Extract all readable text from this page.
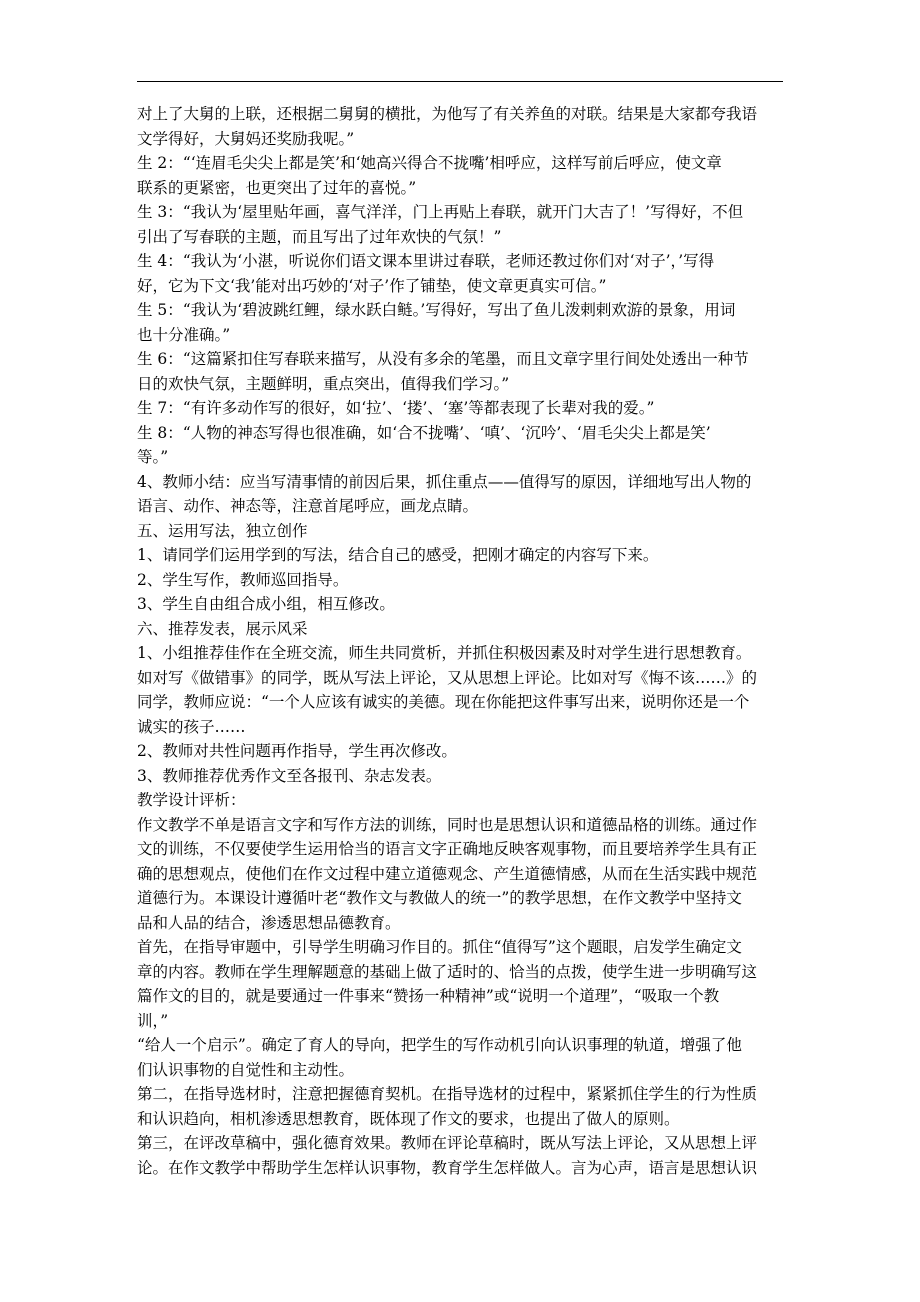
对上了大舅的上联，还根据二舅舅的横批，为他写了有关养鱼的对联。结果是大家都夸我语
文学得好，大舅妈还奖励我呢。”
生 2：“‘连眉毛尖尖上都是笑’和‘她高兴得合不拢嘴’相呼应，这样写前后呼应，使文章
联系的更紧密，也更突出了过年的喜悦。”
生 3：“我认为‘屋里贴年画，喜气洋洋，门上再贴上春联，就开门大吉了！’写得好，不但
引出了写春联的主题，而且写出了过年欢快的气氛！”
生 4：“我认为‘小湛，听说你们语文课本里讲过春联，老师还教过你们对‘对子’，’写得
好，它为下文‘我’能对出巧妙的‘对子’作了铺垫，使文章更真实可信。”
生 5：“我认为‘碧波跳红鲤，绿水跃白鲢。’写得好，写出了鱼儿泼剌剌欢游的景象，用词
也十分准确。”
生 6：“这篇紧扣住写春联来描写，从没有多余的笔墨，而且文章字里行间处处透出一种节
日的欢快气氛，主题鲜明，重点突出，值得我们学习。”
生 7：“有许多动作写的很好，如‘拉’、‘搂’、‘塞’等都表现了长辈对我的爱。”
生 8：“人物的神态写得也很准确，如‘合不拢嘴’、‘嗔’、‘沉吟’、‘眉毛尖尖上都是笑’
等。”
4、教师小结：应当写清事情的前因后果，抓住重点——值得写的原因，详细地写出人物的
语言、动作、神态等，注意首尾呼应，画龙点睛。
五、运用写法，独立创作
1、请同学们运用学到的写法，结合自己的感受，把刚才确定的内容写下来。
2、学生写作，教师巡回指导。
3、学生自由组合成小组，相互修改。
六、推荐发表，展示风采
1、小组推荐佳作在全班交流，师生共同赏析，并抓住积极因素及时对学生进行思想教育。
如对写《做错事》的同学，既从写法上评论，又从思想上评论。比如对写《悔不该……》的
同学，教师应说：“一个人应该有诚实的美德。现在你能把这件事写出来，说明你还是一个
诚实的孩子……
2、教师对共性问题再作指导，学生再次修改。
3、教师推荐优秀作文至各报刊、杂志发表。
教学设计评析：
作文教学不单是语言文字和写作方法的训练，同时也是思想认识和道德品格的训练。通过作
文的训练，不仅要使学生运用恰当的语言文字正确地反映客观事物，而且要培养学生具有正
确的思想观点，使他们在作文过程中建立道德观念、产生道德情感，从而在生活实践中规范
道德行为。本课设计遵循叶老“教作文与教做人的统一”的教学思想，在作文教学中坚持文
品和人品的结合，渗透思想品德教育。
首先，在指导审题中，引导学生明确习作目的。抓住“值得写”这个题眼，启发学生确定文
章的内容。教师在学生理解题意的基础上做了适时的、恰当的点拨，使学生进一步明确写这
篇作文的目的，就是要通过一件事来“赞扬一种精神”或“说明一个道理”，“吸取一个教
训，”
“给人一个启示”。确定了育人的导向，把学生的写作动机引向认识事理的轨道，增强了他
们认识事物的自觉性和主动性。
第二，在指导选材时，注意把握德育契机。在指导选材的过程中，紧紧抓住学生的行为性质
和认识趋向，相机渗透思想教育，既体现了作文的要求，也提出了做人的原则。
第三，在评改草稿中，强化德育效果。教师在评论草稿时，既从写法上评论，又从思想上评
论。在作文教学中帮助学生怎样认识事物，教育学生怎样做人。言为心声，语言是思想认识
